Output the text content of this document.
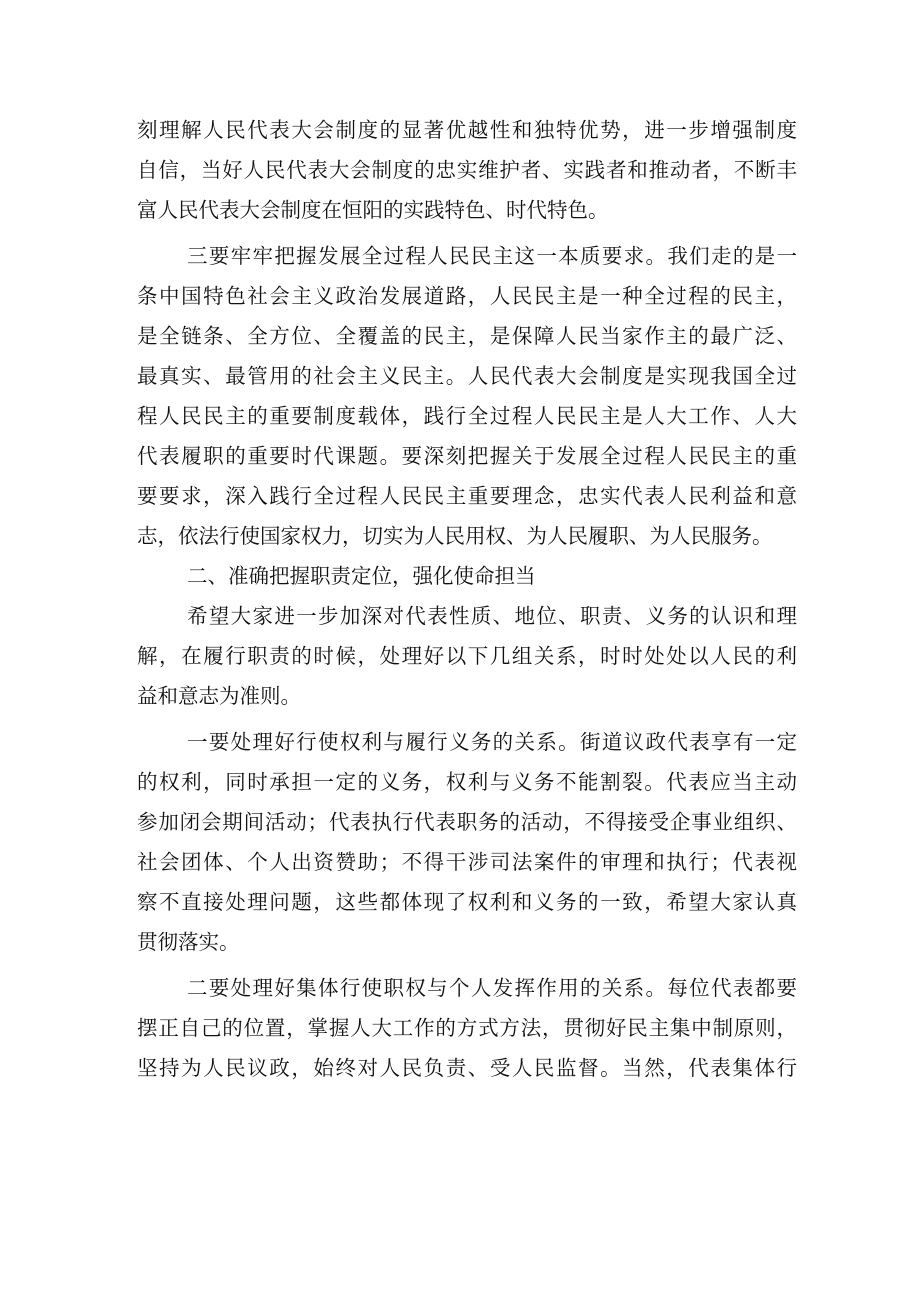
刻理解人民代表大会制度的显著优越性和独特优势，进一步增强制度
自信，当好人民代表大会制度的忠实维护者、实践者和推动者，不断丰
富人民代表大会制度在恒阳的实践特色、时代特色。
三要牢牢把握发展全过程人民民主这一本质要求。我们走的是一
条中国特色社会主义政治发展道路，人民民主是一种全过程的民主，
是全链条、全方位、全覆盖的民主，是保障人民当家作主的最广泛、
最真实、最管用的社会主义民主。人民代表大会制度是实现我国全过
程人民民主的重要制度载体，践行全过程人民民主是人大工作、人大
代表履职的重要时代课题。要深刻把握关于发展全过程人民民主的重
要要求，深入践行全过程人民民主重要理念，忠实代表人民利益和意
志，依法行使国家权力，切实为人民用权、为人民履职、为人民服务。
二、准确把握职责定位，强化使命担当
希望大家进一步加深对代表性质、地位、职责、义务的认识和理
解，在履行职责的时候，处理好以下几组关系，时时处处以人民的利
益和意志为准则。
一要处理好行使权利与履行义务的关系。街道议政代表享有一定
的权利，同时承担一定的义务，权利与义务不能割裂。代表应当主动
参加闭会期间活动；代表执行代表职务的活动，不得接受企事业组织、
社会团体、个人出资赞助；不得干涉司法案件的审理和执行；代表视
察不直接处理问题，这些都体现了权利和义务的一致，希望大家认真
贯彻落实。
二要处理好集体行使职权与个人发挥作用的关系。每位代表都要
摆正自己的位置，掌握人大工作的方式方法，贯彻好民主集中制原则，
坚持为人民议政，始终对人民负责、受人民监督。当然，代表集体行
